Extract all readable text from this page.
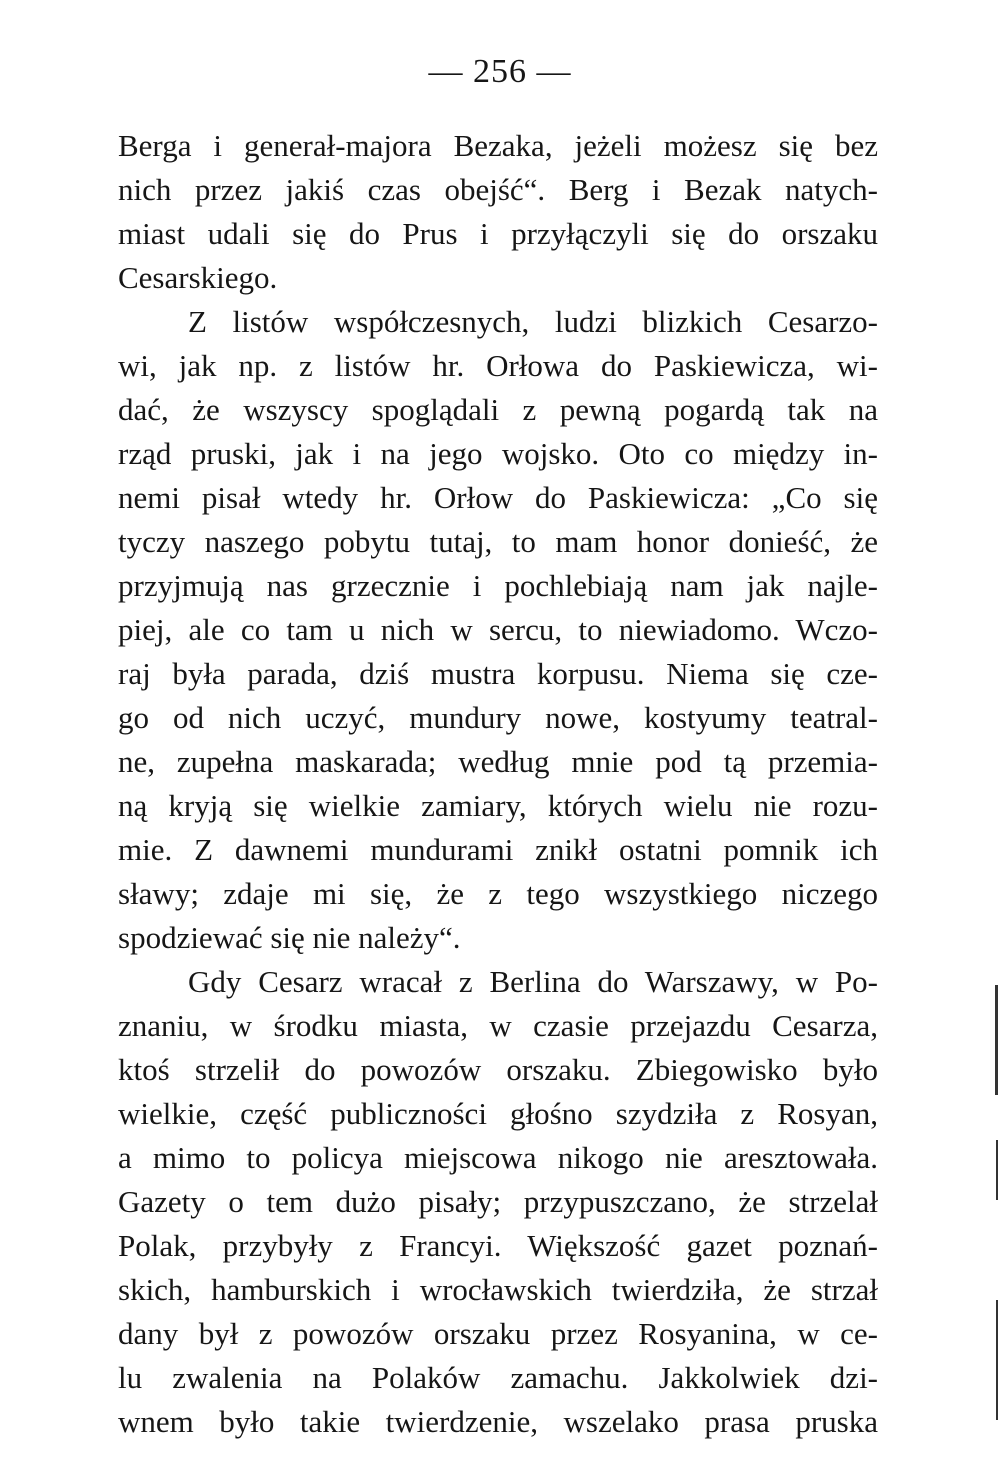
— 256 —
Berga i generał-majora Bezaka, jeżeli możesz się bez
nich przez jakiś czas obejść“. Berg i Bezak natych-
miast udali się do Prus i przyłączyli się do orszaku
Cesarskiego.
Z listów współczesnych, ludzi blizkich Cesarzo-
wi, jak np. z listów hr. Orłowa do Paskiewicza, wi-
dać, że wszyscy spoglądali z pewną pogardą tak na
rząd pruski, jak i na jego wojsko. Oto co między in-
nemi pisał wtedy hr. Orłow do Paskiewicza: „Co się
tyczy naszego pobytu tutaj, to mam honor donieść, że
przyjmują nas grzecznie i pochlebiają nam jak najle-
piej, ale co tam u nich w sercu, to niewiadomo. Wczo-
raj była parada, dziś mustra korpusu. Niema się cze-
go od nich uczyć, mundury nowe, kostyumy teatral-
ne, zupełna maskarada; według mnie pod tą przemia-
ną kryją się wielkie zamiary, których wielu nie rozu-
mie. Z dawnemi mundurami znikł ostatni pomnik ich
sławy; zdaje mi się, że z tego wszystkiego niczego
spodziewać się nie należy“.
Gdy Cesarz wracał z Berlina do Warszawy, w Po-
znaniu, w środku miasta, w czasie przejazdu Cesarza,
ktoś strzelił do powozów orszaku. Zbiegowisko było
wielkie, część publiczności głośno szydziła z Rosyan,
a mimo to policya miejscowa nikogo nie aresztowała.
Gazety o tem dużo pisały; przypuszczano, że strzelał
Polak, przybyły z Francyi. Większość gazet poznań-
skich, hamburskich i wrocławskich twierdziła, że strzał
dany był z powozów orszaku przez Rosyanina, w ce-
lu zwalenia na Polaków zamachu. Jakkolwiek dzi-
wnem było takie twierdzenie, wszelako prasa pruska
